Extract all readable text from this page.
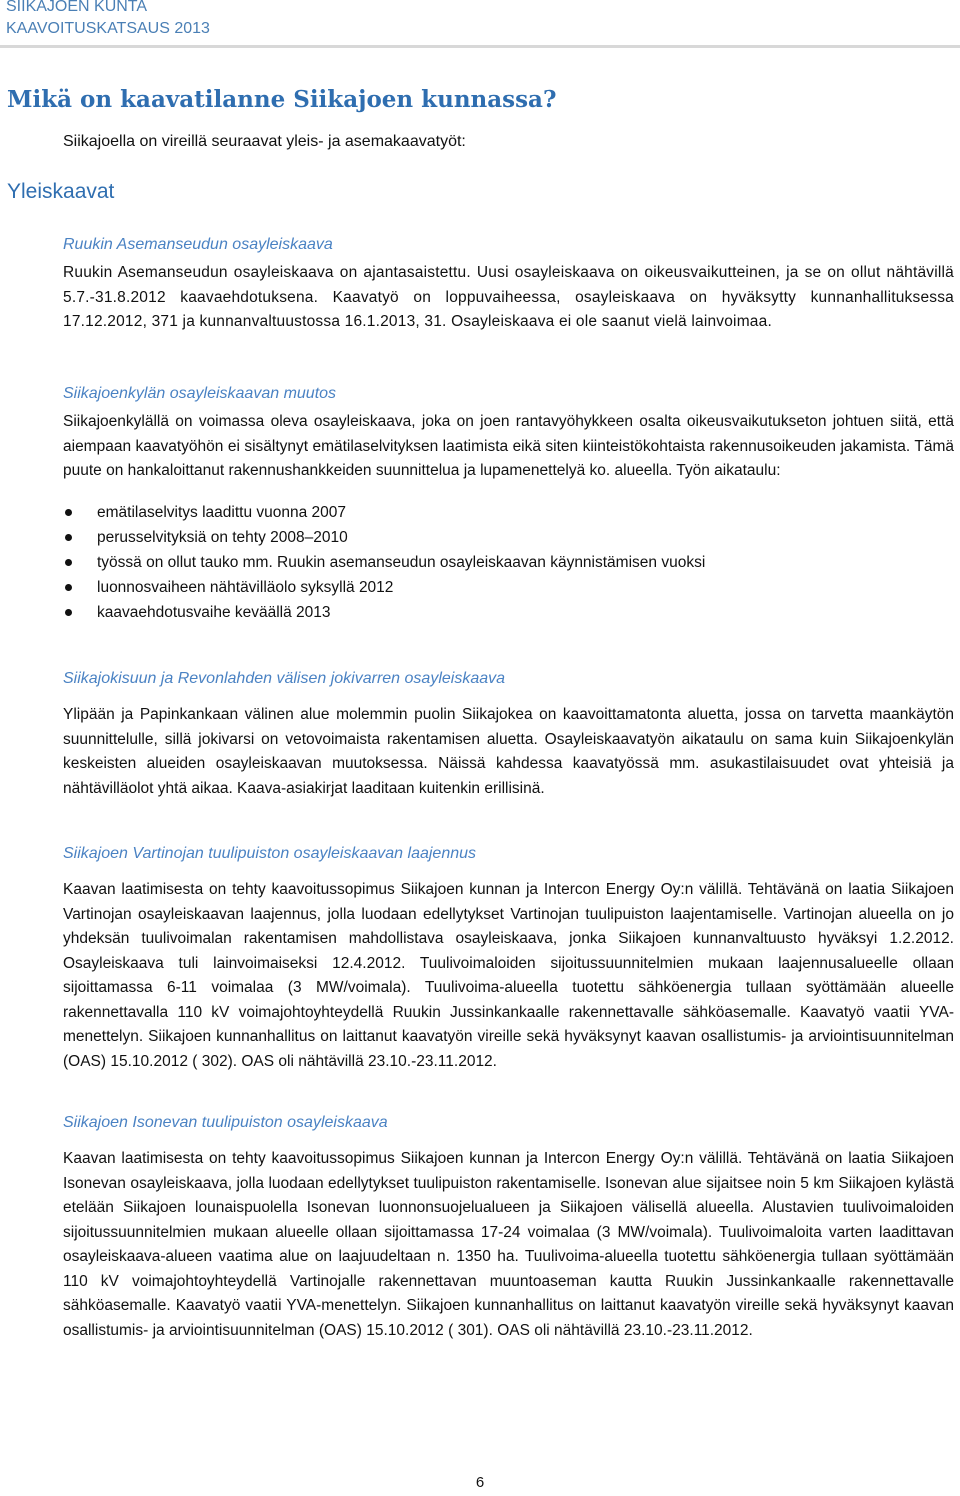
SIIKAJOEN KUNTA
KAAVOITUSKATSAUS 2013
Mikä on kaavatilanne Siikajoen kunnassa?
Siikajoella on vireillä seuraavat yleis- ja asemakaavatyöt:
Yleiskaavat
Ruukin Asemanseudun osayleiskaava

Ruukin Asemanseudun osayleiskaava on ajantasaistettu. Uusi osayleiskaava on oikeusvaikutteinen, ja se on ollut nähtävillä 5.7.-31.8.2012 kaavaehdotuksena. Kaavatyö on loppuvaiheessa, osayleiskaava on hyväksytty kunnanhallituksessa 17.12.2012, 371 ja kunnanvaltuustossa 16.1.2013, 31. Osayleiskaava ei ole saanut vielä lainvoimaa.

Siikajoenkylän osayleiskaavan muutos

Siikajoenkylällä on voimassa oleva osayleiskaava, joka on joen rantavyöhykkeen osalta oikeusvaikutukseton johtuen siitä, että aiempaan kaavatyöhön ei sisältynyt emätilaselvityksen laatimista eikä siten kiinteistökohtaista rakennusoikeuden jakamista. Tämä puute on hankaloittanut rakennushankkeiden suunnittelua ja lupamenettelyä ko. alueella. Työn aikataulu:

emätilaselvitys laadittu vuonna 2007
perusselvityksiä on tehty 2008–2010
työssä on ollut tauko mm. Ruukin asemanseudun osayleiskaavan käynnistämisen vuoksi
luonnosvaiheen nähtävilläolo syksyllä 2012
kaavaehdotusvaihe keväällä 2013
Siikajokisuun ja Revonlahden välisen jokivarren osayleiskaava

Ylipään ja Papinkankaan välinen alue molemmin puolin Siikajokea on kaavoittamatonta aluetta, jossa on tarvetta maankäytön suunnittelulle, sillä jokivarsi on vetovoimaista rakentamisen aluetta. Osayleiskaavatyön aikataulu on sama kuin Siikajoenkylän keskeisten alueiden osayleiskaavan muutoksessa. Näissä kahdessa kaavatyössä mm. asukastilaisuudet ovat yhteisiä ja nähtävilläolot yhtä aikaa. Kaava-asiakirjat laaditaan kuitenkin erillisinä.

Siikajoen Vartinojan tuulipuiston osayleiskaavan laajennus

Kaavan laatimisesta on tehty kaavoitussopimus Siikajoen kunnan ja Intercon Energy Oy:n välillä. Tehtävänä on laatia Siikajoen Vartinojan osayleiskaavan laajennus, jolla luodaan edellytykset Vartinojan tuulipuiston laajentamiselle. Vartinojan alueella on jo yhdeksän tuulivoimalan rakentamisen mahdollistava osayleiskaava, jonka Siikajoen kunnanvaltuusto hyväksyi 1.2.2012. Osayleiskaava tuli lainvoimaiseksi 12.4.2012. Tuulivoimaloiden sijoitussuunnitelmien mukaan laajennusalueelle ollaan sijoittamassa 6-11 voimalaa (3 MW/voimala). Tuulivoima-alueella tuotettu sähköenergia tullaan syöttämään alueelle rakennettavalla 110 kV voimajohtoyhteydellä Ruukin Jussinkankaalle rakennettavalle sähköasemalle. Kaavatyö vaatii YVA-menettelyn. Siikajoen kunnanhallitus on laittanut kaavatyön vireille sekä hyväksynyt kaavan osallistumis- ja arviointisuunnitelman (OAS) 15.10.2012 ( 302). OAS oli nähtävillä 23.10.-23.11.2012.

Siikajoen Isonevan tuulipuiston osayleiskaava

Kaavan laatimisesta on tehty kaavoitussopimus Siikajoen kunnan ja Intercon Energy Oy:n välillä. Tehtävänä on laatia Siikajoen Isonevan osayleiskaava, jolla luodaan edellytykset tuulipuiston rakentamiselle. Isonevan alue sijaitsee noin 5 km Siikajoen kylästä etelään Siikajoen lounaispuolella Isonevan luonnonsuojelualueen ja Siikajoen välisellä alueella. Alustavien tuulivoimaloiden sijoitussuunnitelmien mukaan alueelle ollaan sijoittamassa 17-24 voimalaa (3 MW/voimala). Tuulivoimaloita varten laadittavan osayleiskaava-alueen vaatima alue on laajuudeltaan n. 1350 ha. Tuulivoima-alueella tuotettu sähköenergia tullaan syöttämään 110 kV voimajohtoyhteydellä Vartinojalle rakennettavan muuntoaseman kautta Ruukin Jussinkankaalle rakennettavalle sähköasemalle. Kaavatyö vaatii YVA-menettelyn. Siikajoen kunnanhallitus on laittanut kaavatyön vireille sekä hyväksynyt kaavan osallistumis- ja arviointisuunnitelman (OAS) 15.10.2012 ( 301). OAS oli nähtävillä 23.10.-23.11.2012.

6
